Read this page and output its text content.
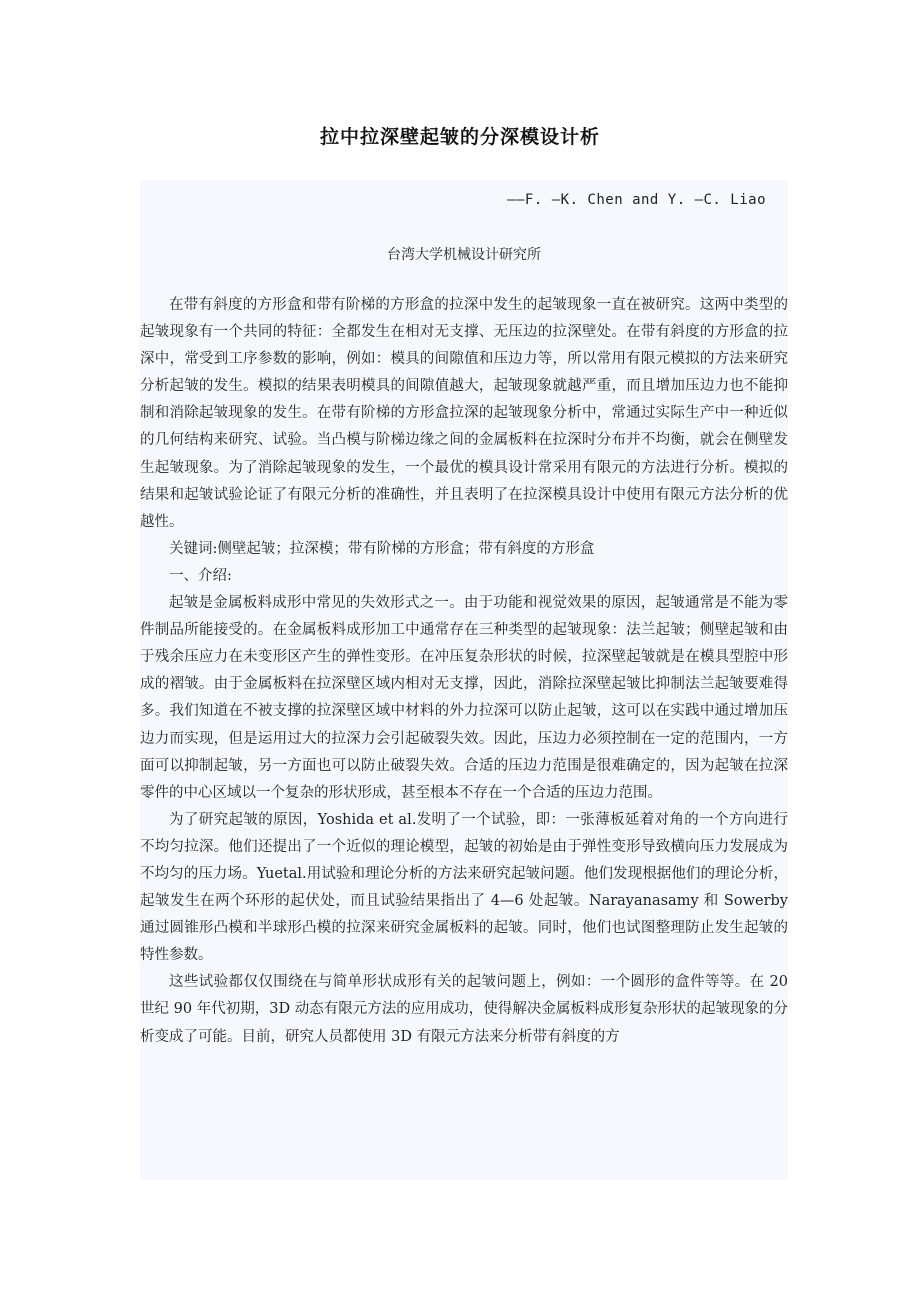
拉中拉深壁起皱的分深模设计析
——F. —K. Chen and Y. —C. Liao
台湾大学机械设计研究所

在带有斜度的方形盒和带有阶梯的方形盒的拉深中发生的起皱现象一直在被研究。这两中类型的起皱现象有一个共同的特征：全都发生在相对无支撑、无压边的拉深壁处。在带有斜度的方形盒的拉深中，常受到工序参数的影响，例如：模具的间隙值和压边力等，所以常用有限元模拟的方法来研究分析起皱的发生。模拟的结果表明模具的间隙值越大，起皱现象就越严重，而且增加压边力也不能抑制和消除起皱现象的发生。在带有阶梯的方形盒拉深的起皱现象分析中，常通过实际生产中一种近似的几何结构来研究、试验。当凸模与阶梯边缘之间的金属板料在拉深时分布并不均衡，就会在侧壁发生起皱现象。为了消除起皱现象的发生，一个最优的模具设计常采用有限元的方法进行分析。模拟的结果和起皱试验论证了有限元分析的准确性，并且表明了在拉深模具设计中使用有限元方法分析的优越性。

关键词:侧壁起皱；拉深模；带有阶梯的方形盒；带有斜度的方形盒

一、介绍:

起皱是金属板料成形中常见的失效形式之一。由于功能和视觉效果的原因，起皱通常是不能为零件制品所能接受的。在金属板料成形加工中通常存在三种类型的起皱现象：法兰起皱；侧壁起皱和由于残余压应力在未变形区产生的弹性变形。在冲压复杂形状的时候，拉深壁起皱就是在模具型腔中形成的褶皱。由于金属板料在拉深壁区域内相对无支撑，因此，消除拉深壁起皱比抑制法兰起皱要难得多。我们知道在不被支撑的拉深壁区域中材料的外力拉深可以防止起皱，这可以在实践中通过增加压边力而实现，但是运用过大的拉深力会引起破裂失效。因此，压边力必须控制在一定的范围内，一方面可以抑制起皱，另一方面也可以防止破裂失效。合适的压边力范围是很难确定的，因为起皱在拉深零件的中心区域以一个复杂的形状形成，甚至根本不存在一个合适的压边力范围。

为了研究起皱的原因，Yoshida et al.发明了一个试验，即：一张薄板延着对角的一个方向进行不均匀拉深。他们还提出了一个近似的理论模型，起皱的初始是由于弹性变形导致横向压力发展成为不均匀的压力场。Yuetal.用试验和理论分析的方法来研究起皱问题。他们发现根据他们的理论分析，起皱发生在两个环形的起伏处，而且试验结果指出了 4—6 处起皱。Narayanasamy 和 Sowerby 通过圆锥形凸模和半球形凸模的拉深来研究金属板料的起皱。同时，他们也试图整理防止发生起皱的特性参数。

这些试验都仅仅围绕在与简单形状成形有关的起皱问题上，例如：一个圆形的盒件等等。在 20 世纪 90 年代初期，3D 动态有限元方法的应用成功，使得解决金属板料成形复杂形状的起皱现象的分析变成了可能。目前，研究人员都使用 3D 有限元方法来分析带有斜度的方
